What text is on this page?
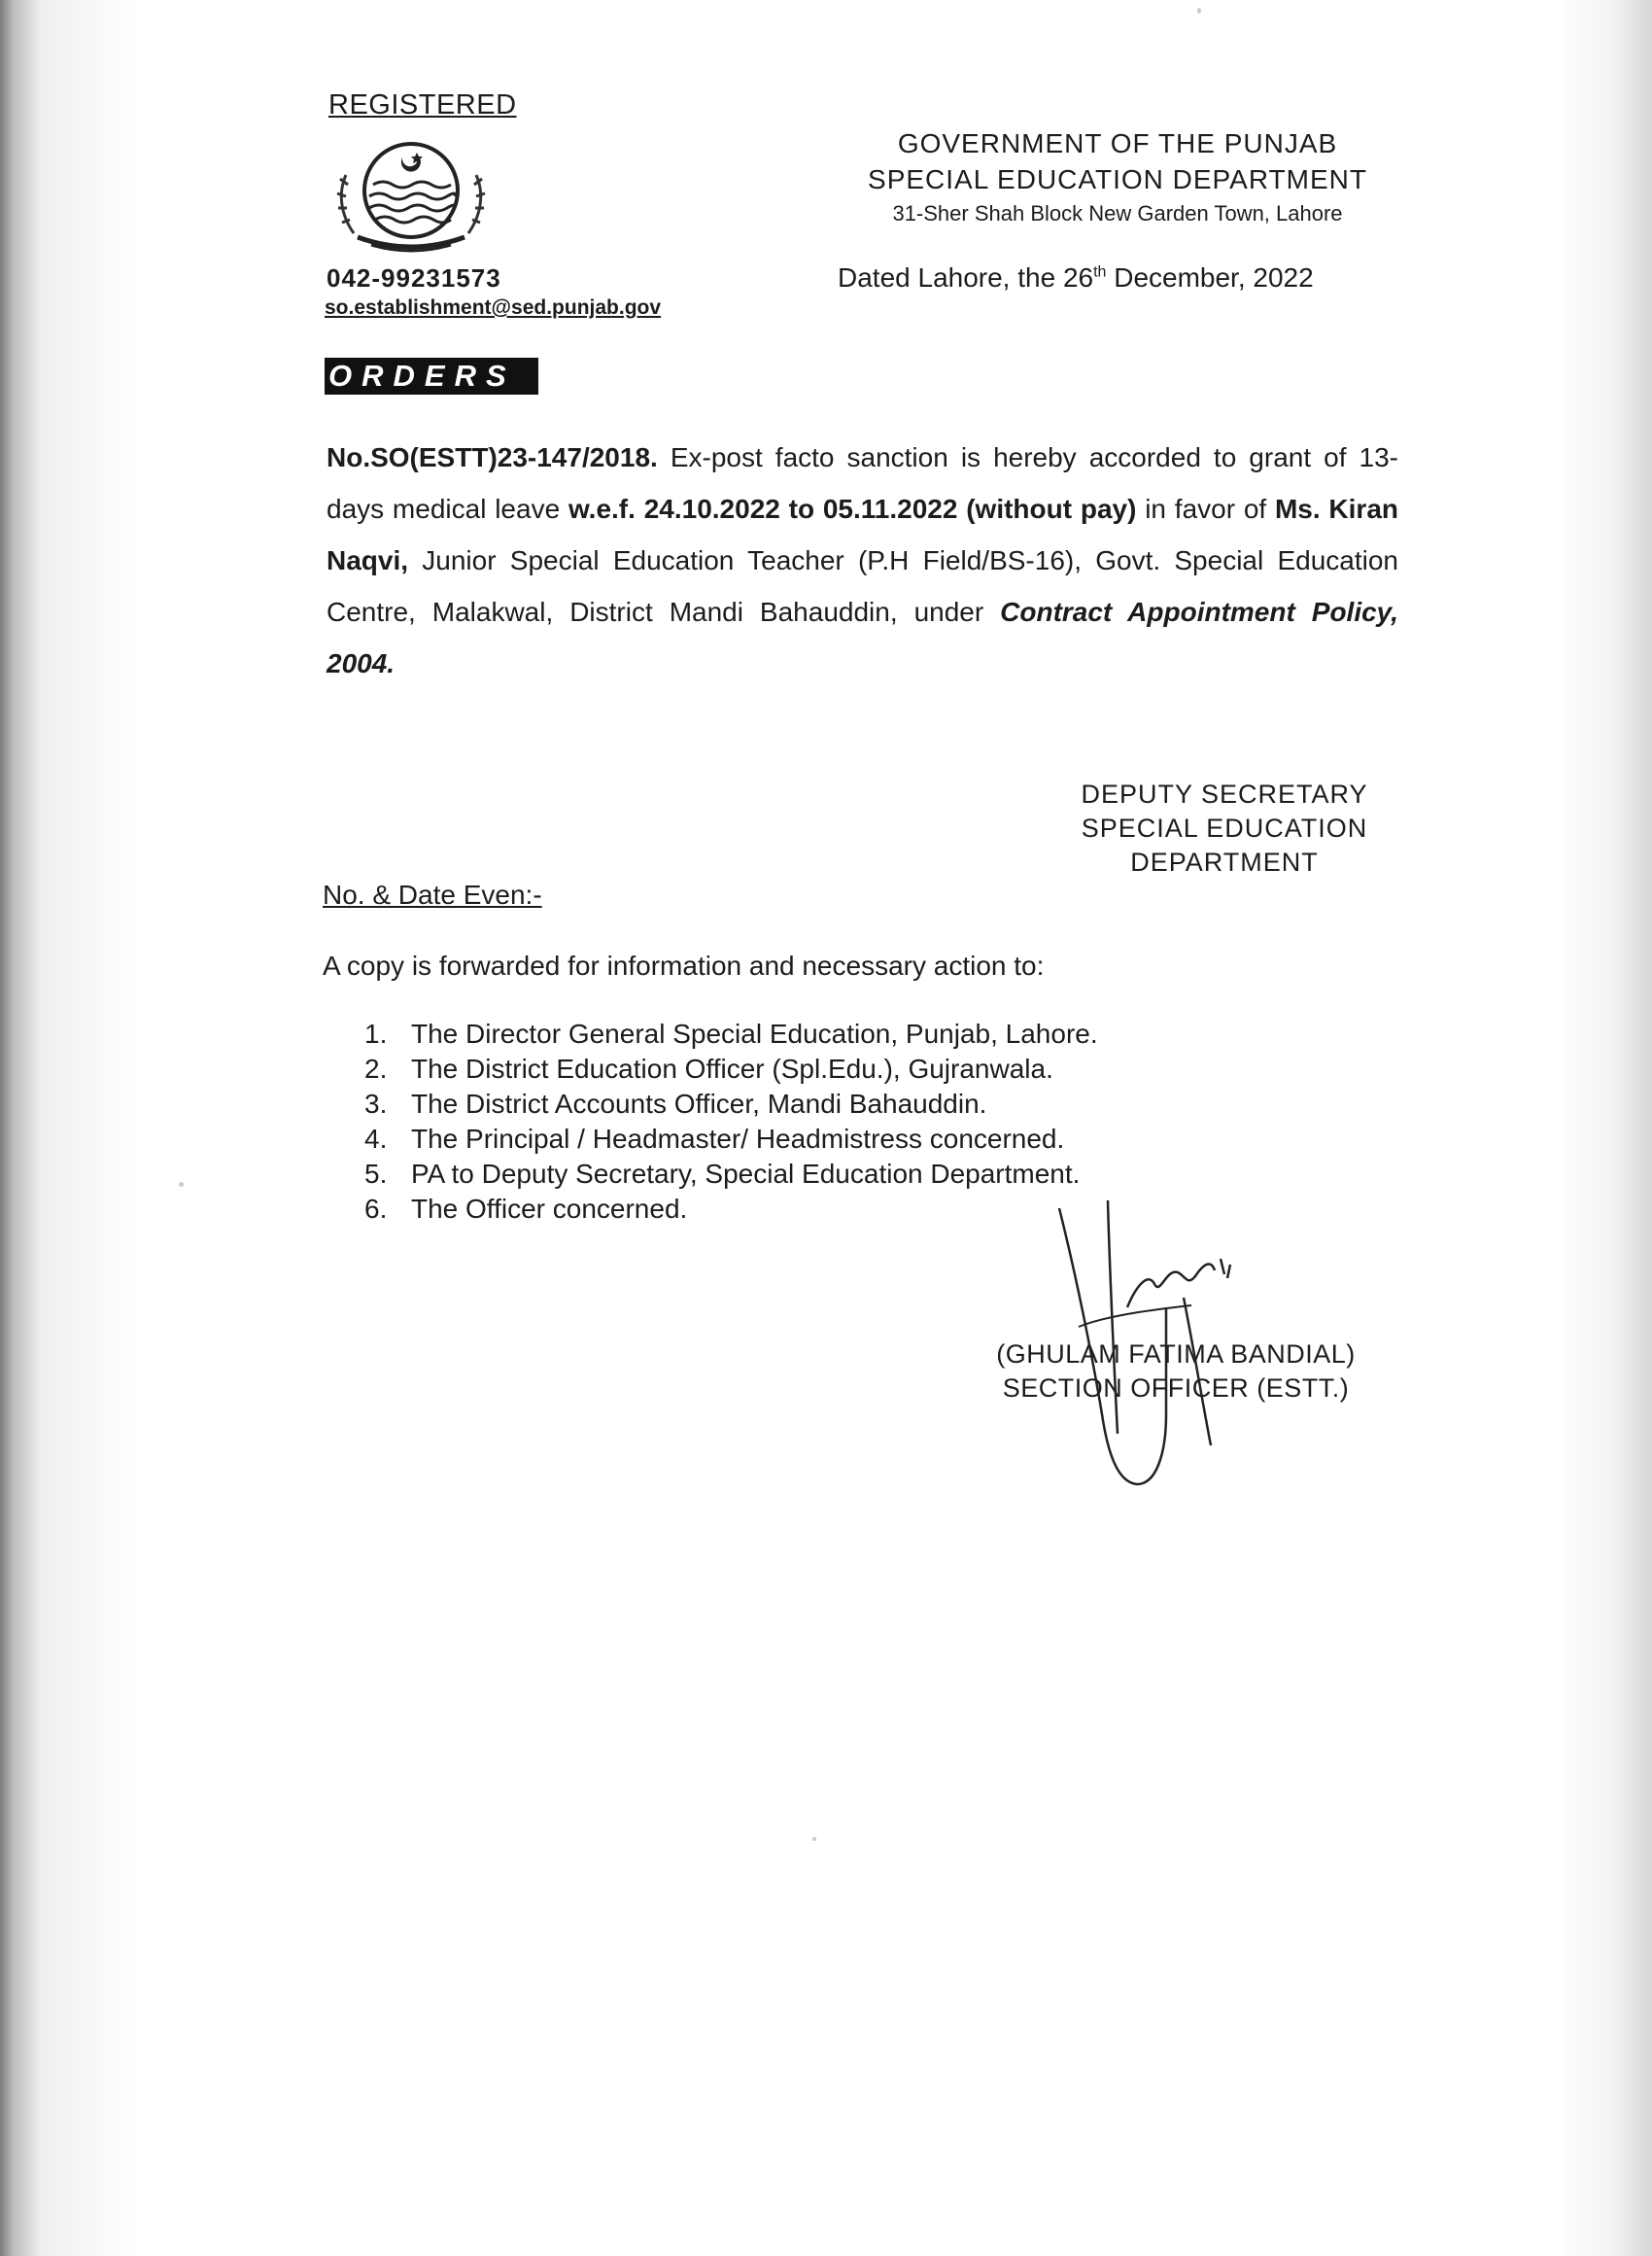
REGISTERED
042-99231573
so.establishment@sed.punjab.gov
GOVERNMENT OF THE PUNJAB
SPECIAL EDUCATION DEPARTMENT
31-Sher Shah Block New Garden Town, Lahore
Dated Lahore, the 26th December, 2022
ORDERS
No.SO(ESTT)23-147/2018. Ex-post facto sanction is hereby accorded to grant of 13-days medical leave w.e.f. 24.10.2022 to 05.11.2022 (without pay) in favor of Ms. Kiran Naqvi, Junior Special Education Teacher (P.H Field/BS-16), Govt. Special Education Centre, Malakwal, District Mandi Bahauddin, under Contract Appointment Policy, 2004.
DEPUTY SECRETARY
SPECIAL EDUCATION
DEPARTMENT
No. & Date Even:-
A copy is forwarded for information and necessary action to:
1. The Director General Special Education, Punjab, Lahore.
2. The District Education Officer (Spl.Edu.), Gujranwala.
3. The District Accounts Officer, Mandi Bahauddin.
4. The Principal / Headmaster/ Headmistress concerned.
5. PA to Deputy Secretary, Special Education Department.
6. The Officer concerned.
(GHULAM FATIMA BANDIAL)
SECTION OFFICER (ESTT.)
